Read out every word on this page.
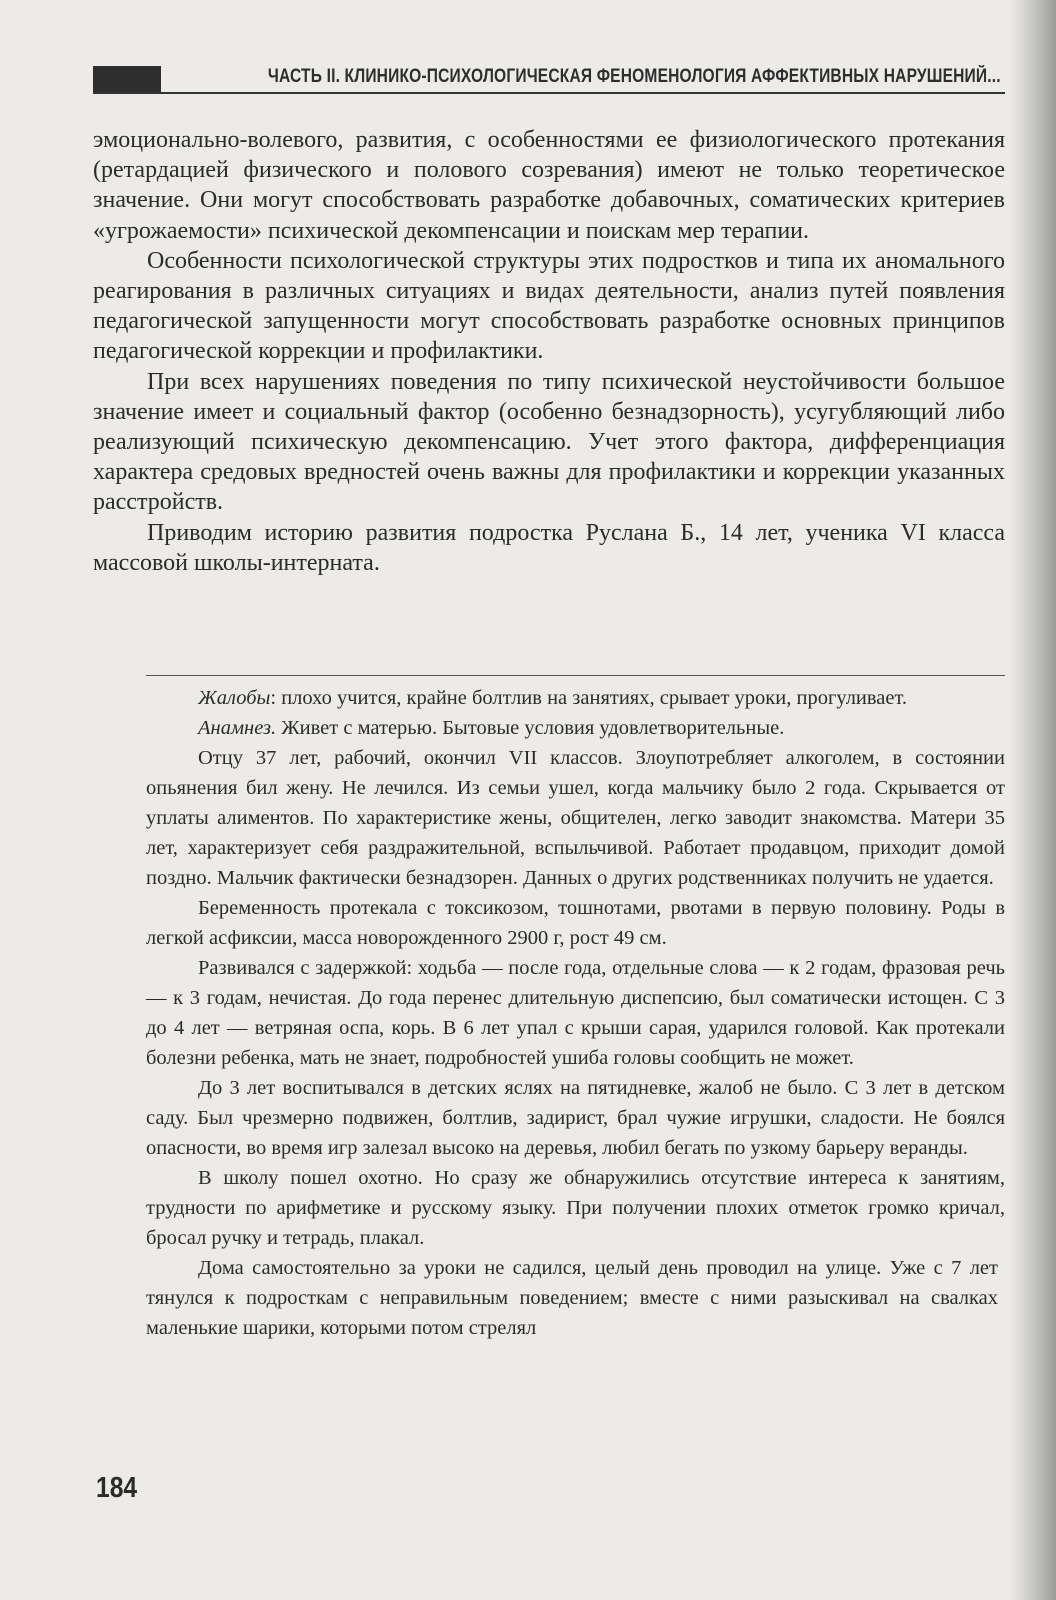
ЧАСТЬ II. КЛИНИКО-ПСИХОЛОГИЧЕСКАЯ ФЕНОМЕНОЛОГИЯ АФФЕКТИВНЫХ НАРУШЕНИЙ...

эмоционально-волевого, развития, с особенностями ее физиологического протекания (ретардацией физического и полового созревания) имеют не только теоретическое значение. Они могут способствовать разработке добавочных, соматических критериев «угрожаемости» психической декомпенсации и поискам мер терапии.

Особенности психологической структуры этих подростков и типа их аномального реагирования в различных ситуациях и видах деятельности, анализ путей появления педагогической запущенности могут способствовать разработке основных принципов педагогической коррекции и профилактики.

При всех нарушениях поведения по типу психической неустойчивости большое значение имеет и социальный фактор (особенно безнадзорность), усугубляющий либо реализующий психическую декомпенсацию. Учет этого фактора, дифференциация характера средовых вредностей очень важны для профилактики и коррекции указанных расстройств.

Приводим историю развития подростка Руслана Б., 14 лет, ученика VI класса массовой школы-интерната.

Жалобы: плохо учится, крайне болтлив на занятиях, срывает уроки, прогуливает.

Анамнез. Живет с матерью. Бытовые условия удовлетворительные.

Отцу 37 лет, рабочий, окончил VII классов. Злоупотребляет алкоголем, в состоянии опьянения бил жену. Не лечился. Из семьи ушел, когда мальчику было 2 года. Скрывается от уплаты алиментов. По характеристике жены, общителен, легко заводит знакомства. Матери 35 лет, характеризует себя раздражительной, вспыльчивой. Работает продавцом, приходит домой поздно. Мальчик фактически безнадзорен. Данных о других родственниках получить не удается.

Беременность протекала с токсикозом, тошнотами, рвотами в первую половину. Роды в легкой асфиксии, масса новорожденного 2900 г, рост 49 см.

Развивался с задержкой: ходьба — после года, отдельные слова — к 2 годам, фразовая речь — к 3 годам, нечистая. До года перенес длительную диспепсию, был соматически истощен. С 3 до 4 лет — ветряная оспа, корь. В 6 лет упал с крыши сарая, ударился головой. Как протекали болезни ребенка, мать не знает, подробностей ушиба головы сообщить не может.

До 3 лет воспитывался в детских яслях на пятидневке, жалоб не было. С 3 лет в детском саду. Был чрезмерно подвижен, болтлив, задирист, брал чужие игрушки, сладости. Не боялся опасности, во время игр залезал высоко на деревья, любил бегать по узкому барьеру веранды.

В школу пошел охотно. Но сразу же обнаружились отсутствие интереса к занятиям, трудности по арифметике и русскому языку. При получении плохих отметок громко кричал, бросал ручку и тетрадь, плакал.

Дома самостоятельно за уроки не садился, целый день проводил на улице. Уже с 7 лет тянулся к подросткам с неправильным поведением; вместе с ними разыскивал на свалках маленькие шарики, которыми потом стрелял

184
